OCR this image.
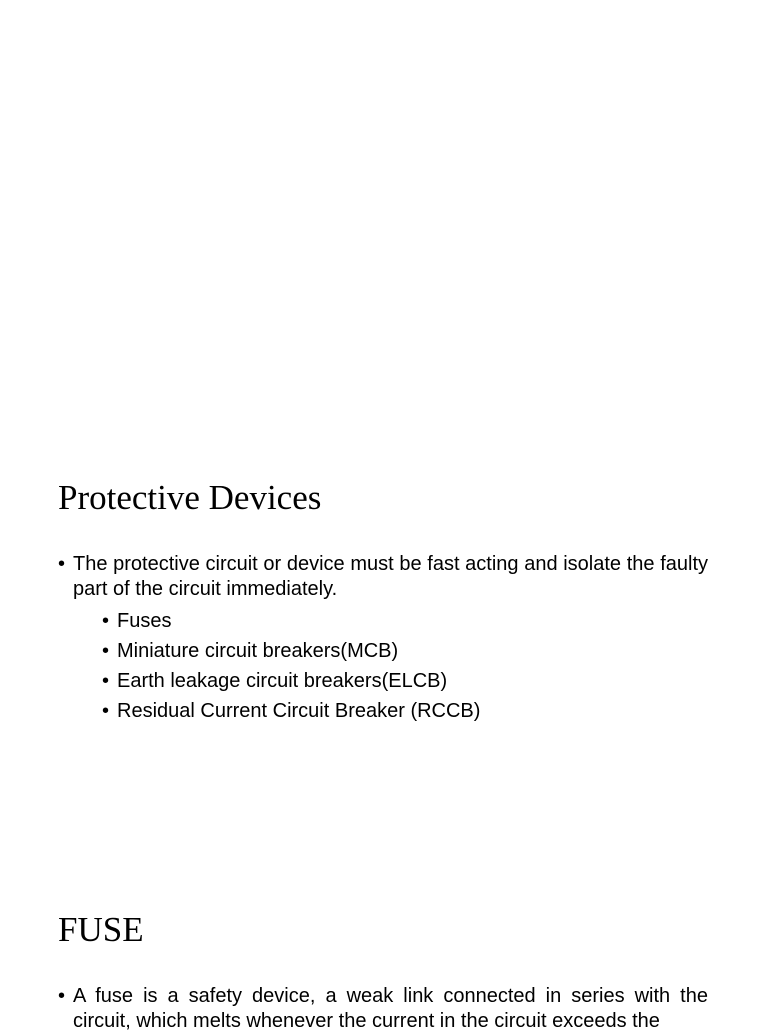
Protective Devices
• The protective circuit or device must be fast acting and isolate the faulty part of the circuit immediately.
• Fuses
• Miniature circuit breakers(MCB)
• Earth leakage circuit breakers(ELCB)
• Residual Current Circuit Breaker (RCCB)
FUSE
• A fuse is a safety device, a weak link connected in series with the circuit, which melts whenever the current in the circuit exceeds the
